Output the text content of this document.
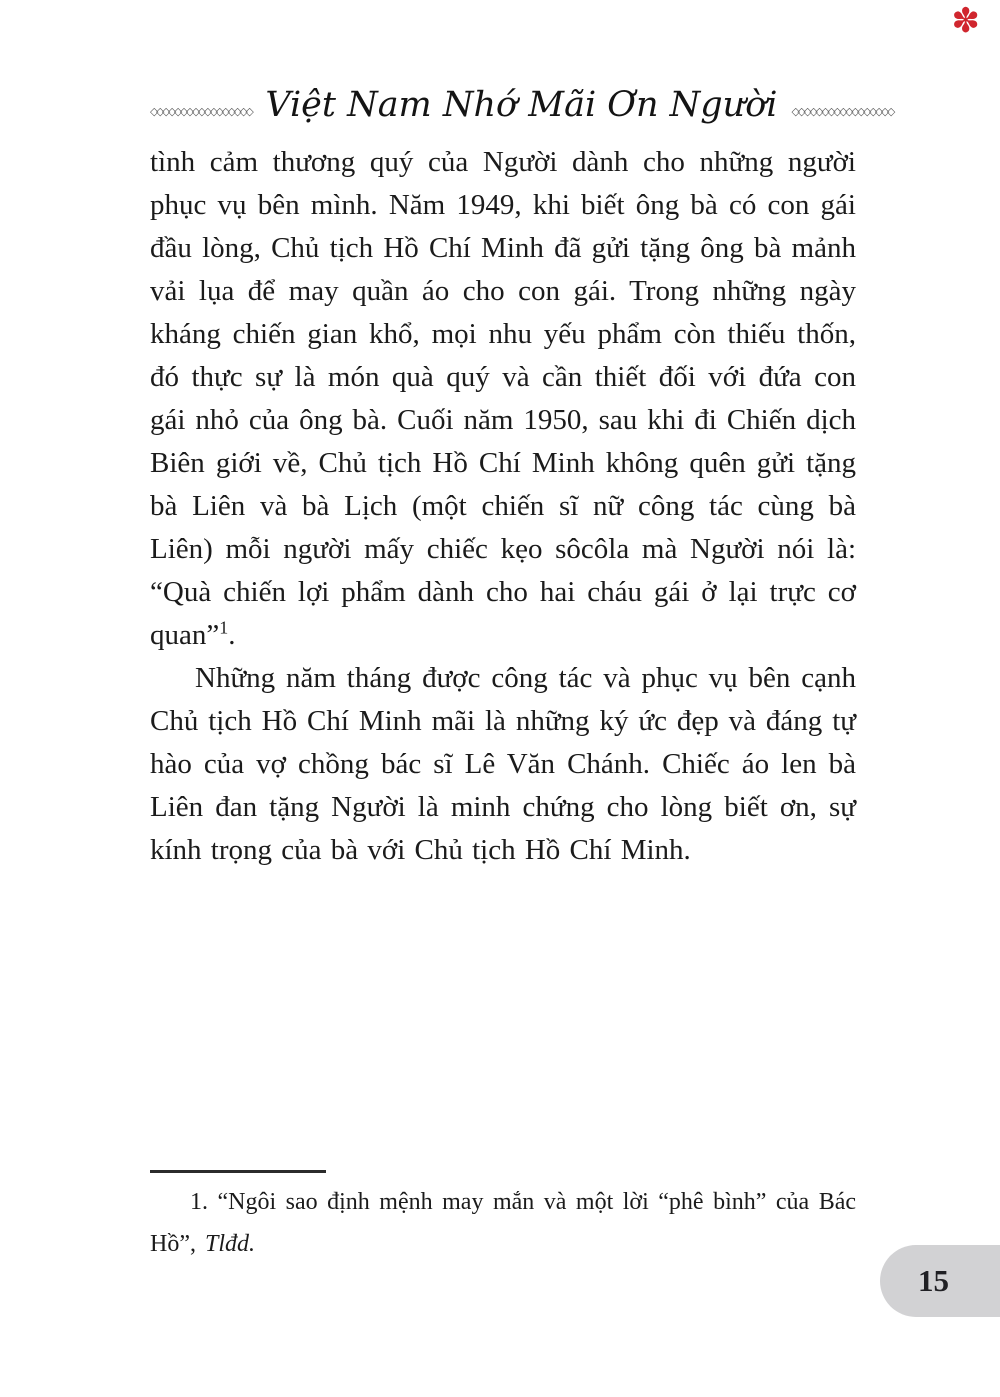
✽
◇◇◇◇◇◇◇◇◇◇◇◇◇◇◇◇◇ Việt Nam Nhớ Mãi Ơn Người	◇◇◇◇◇◇◇◇◇◇◇◇◇◇◇◇◇

tình cảm thương quý của Người dành cho những người phục vụ bên mình. Năm 1949, khi biết ông bà có con gái đầu lòng, Chủ tịch Hồ Chí Minh đã gửi tặng ông bà mảnh vải lụa để may quần áo cho con gái. Trong những ngày kháng chiến gian khổ, mọi nhu yếu phẩm còn thiếu thốn, đó thực sự là món quà quý và cần thiết đối với đứa con gái nhỏ của ông bà. Cuối năm 1950, sau khi đi Chiến dịch Biên giới về, Chủ tịch Hồ Chí Minh không quên gửi tặng bà Liên và bà Lịch (một chiến sĩ nữ công tác cùng bà Liên) mỗi người mấy chiếc kẹo sôcôla mà Người nói là: “Quà chiến lợi phẩm dành cho hai cháu gái ở lại trực cơ quan”$^1$.

Những năm tháng được công tác và phục vụ bên cạnh Chủ tịch Hồ Chí Minh mãi là những ký ức đẹp và đáng tự hào của vợ chồng bác sĩ Lê Văn Chánh. Chiếc áo len bà Liên đan tặng Người là minh chứng cho lòng biết ơn, sự kính trọng của bà với Chủ tịch Hồ Chí Minh.

1. “Ngôi sao định mệnh may mắn và một lời “phê bình” của Bác Hồ”, Tlđd.

15
